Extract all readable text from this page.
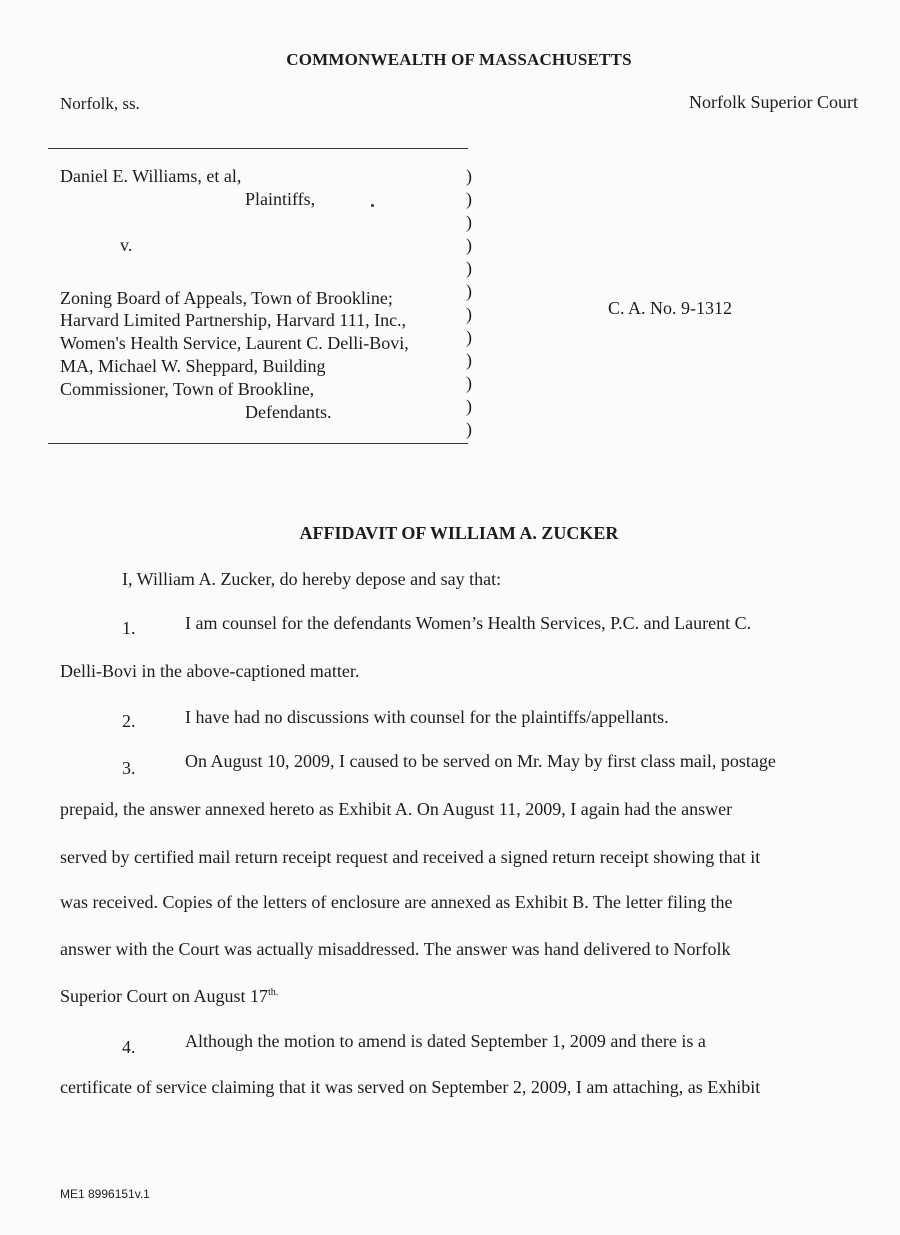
COMMONWEALTH OF MASSACHUSETTS
Norfolk, ss.	Norfolk Superior Court
Daniel E. Williams, et al,
Plaintiffs,
v.
Zoning Board of Appeals, Town of Brookline;
Harvard Limited Partnership, Harvard 111, Inc.,
Women's Health Service, Laurent C. Delli-Bovi,
MA, Michael W. Sheppard, Building
Commissioner, Town of Brookline,
Defendants.
)
)
)
)
)
)
)
)
)
)
)
)
C. A. No. 9-1312
AFFIDAVIT OF WILLIAM A. ZUCKER
I, William A. Zucker, do hereby depose and say that:
1.	I am counsel for the defendants Women’s Health Services, P.C. and Laurent C.
Delli-Bovi in the above-captioned matter.
2.	I have had no discussions with counsel for the plaintiffs/appellants.
3.	On August 10, 2009, I caused to be served on Mr. May by first class mail, postage
prepaid, the answer annexed hereto as Exhibit A. On August 11, 2009, I again had the answer
served by certified mail return receipt request and received a signed return receipt showing that it
was received. Copies of the letters of enclosure are annexed as Exhibit B. The letter filing the
answer with the Court was actually misaddressed. The answer was hand delivered to Norfolk
Superior Court on August $17^{th.}$
4.	Although the motion to amend is dated September 1, 2009 and there is a
certificate of service claiming that it was served on September 2, 2009, I am attaching, as Exhibit
ME1 8996151v.1
